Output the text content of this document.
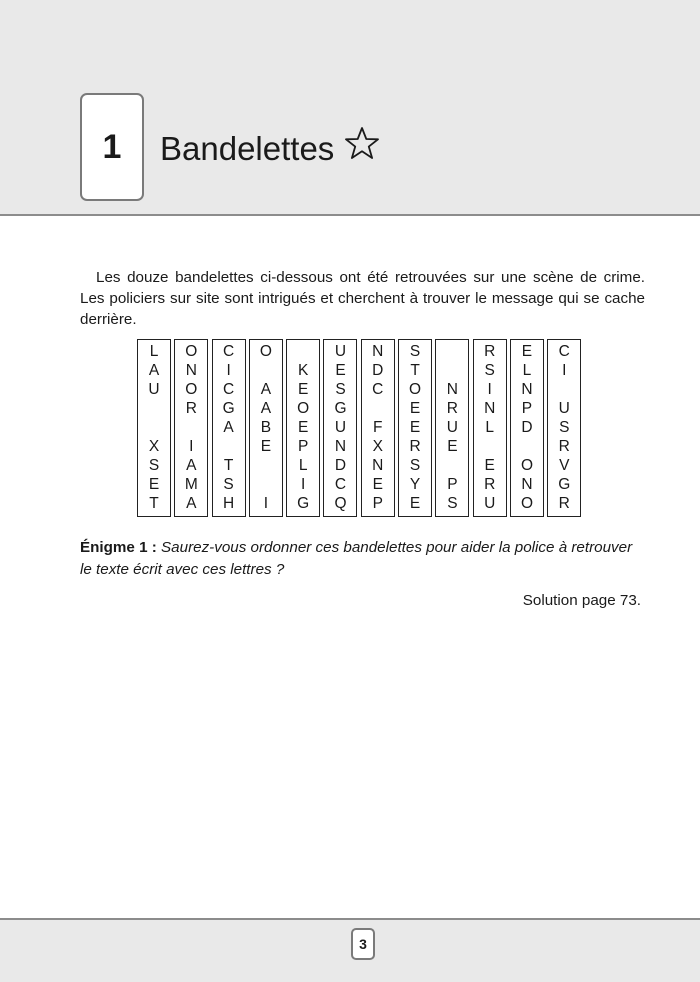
1	Bandelettes
Les douze bandelettes ci-dessous ont été retrouvées sur une scène de crime. Les policiers sur site sont intrigués et cherchent à trouver le message qui se cache derrière.
L
A
U
X
S
E
T
O
N
O
R
I
A
M
A
C
I
C
G
A
T
S
H
O
A
A
B
E
I
K
E
O
E
P
L
I
G
U
E
S
G
U
N
D
C
Q
N
D
C
F
X
N
E
P
S
T
O
E
E
R
S
Y
E
N
R
U
E
P
S
R
S
I
N
L
E
R
U
E
L
N
P
D
O
N
O
C
I
U
S
R
V
G
R
Énigme 1 : Saurez-vous ordonner ces bandelettes pour aider la police à retrouver le texte écrit avec ces lettres ?
Solution page 73.
3
